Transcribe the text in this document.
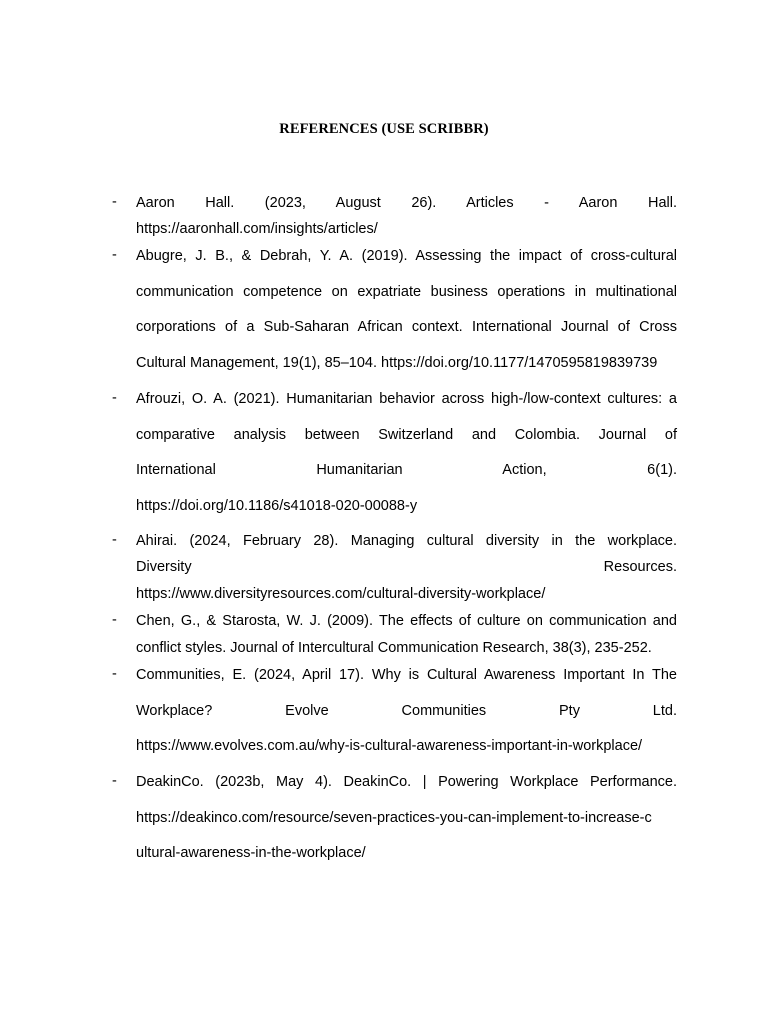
REFERENCES (USE SCRIBBR)
-	Aaron Hall. (2023, August 26). Articles - Aaron Hall.
https://aaronhall.com/insights/articles/
-	Abugre, J. B., & Debrah, Y. A. (2019). Assessing the impact of cross-cultural
communication competence on expatriate business operations in multinational
corporations of a Sub-Saharan African context. International Journal of Cross
Cultural Management, 19(1), 85–104. https://doi.org/10.1177/1470595819839739
-	Afrouzi, O. A. (2021). Humanitarian behavior across high-/low-context cultures: a
comparative analysis between Switzerland and Colombia. Journal of
International Humanitarian Action, 6(1).
https://doi.org/10.1186/s41018-020-00088-y
-	Ahirai. (2024, February 28). Managing cultural diversity in the workplace.
Diversity Resources.
https://www.diversityresources.com/cultural-diversity-workplace/
-	Chen, G., & Starosta, W. J. (2009). The effects of culture on communication and
conflict styles. Journal of Intercultural Communication Research, 38(3), 235-252.
-	Communities, E. (2024, April 17). Why is Cultural Awareness Important In The
Workplace? Evolve Communities Pty Ltd.
https://www.evolves.com.au/why-is-cultural-awareness-important-in-workplace/
-	DeakinCo. (2023b, May 4). DeakinCo. | Powering Workplace Performance.
https://deakinco.com/resource/seven-practices-you-can-implement-to-increase-c
ultural-awareness-in-the-workplace/
